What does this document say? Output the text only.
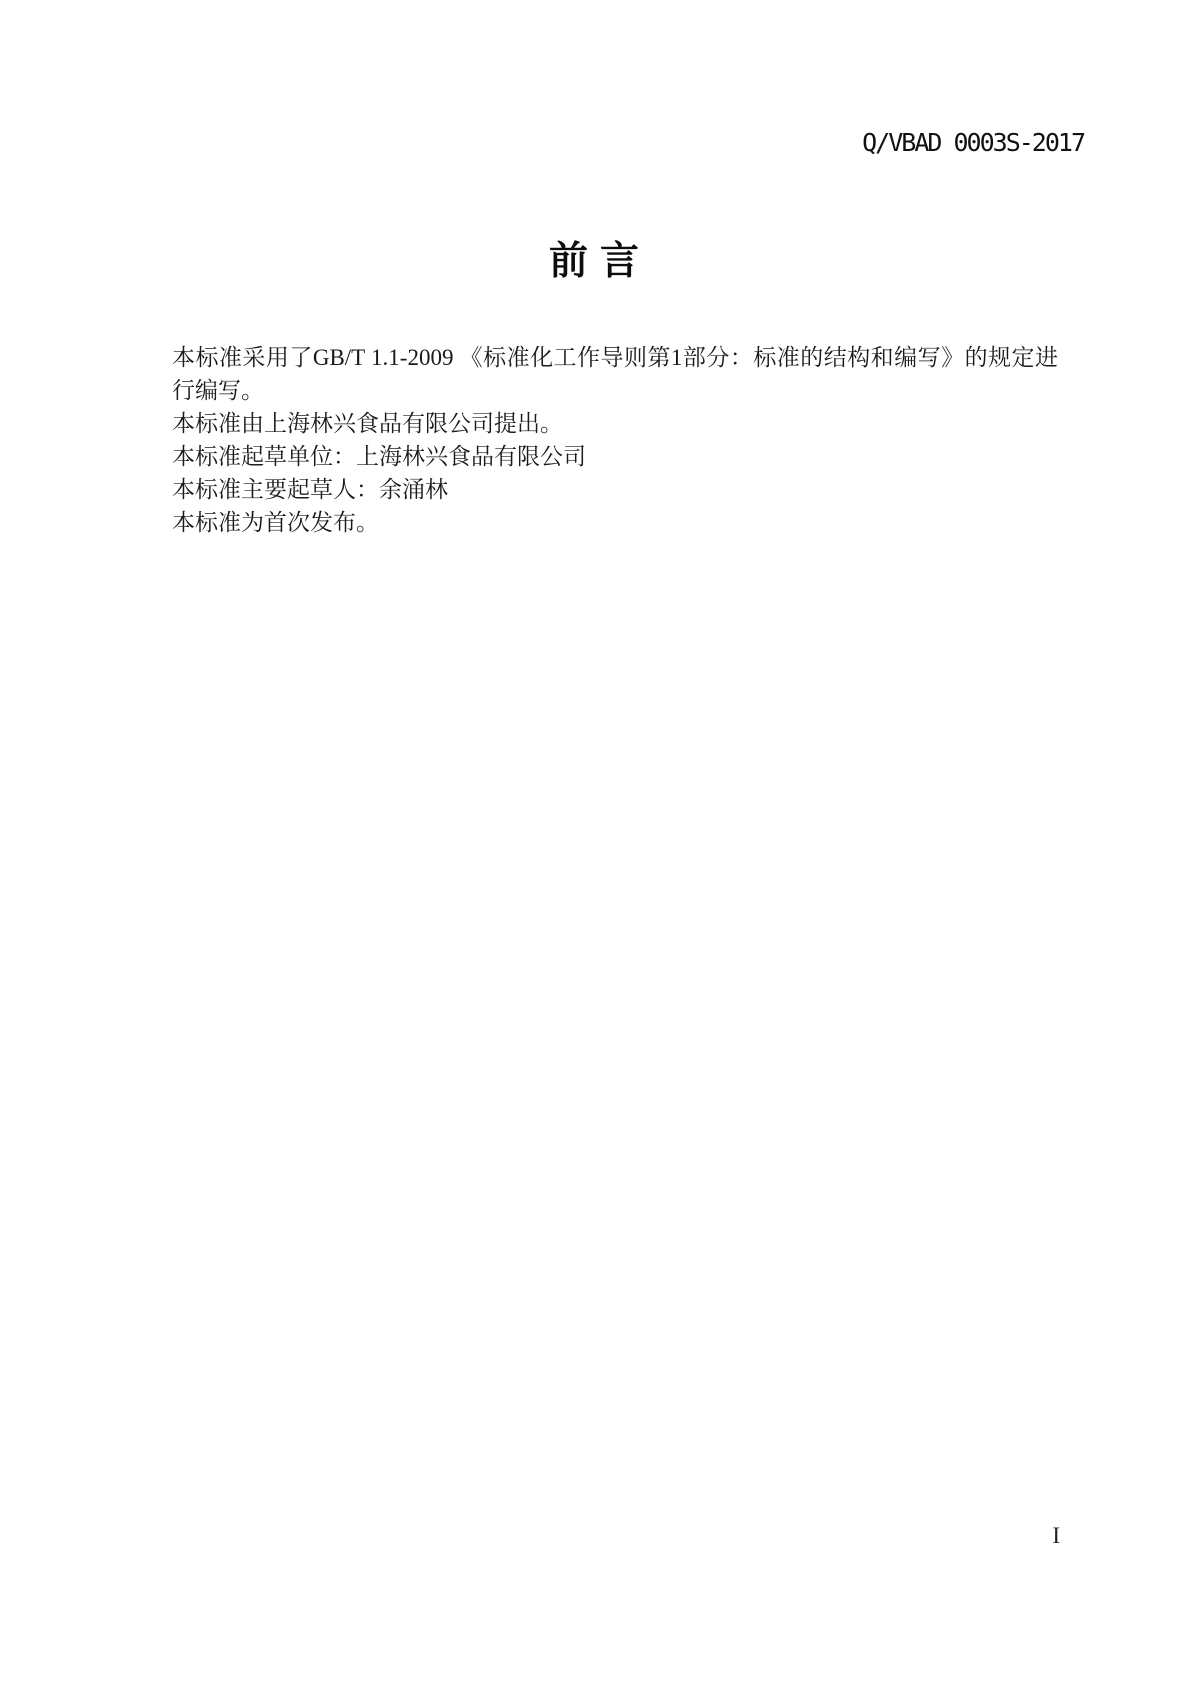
Q/VBAD 0003S-2017
前言

本标准采用了GB/T 1.1-2009 《标准化工作导则第1部分：标准的结构和编写》的规定进行编写。

本标准由上海林兴食品有限公司提出。

本标准起草单位：上海林兴食品有限公司

本标准主要起草人：余涌林

本标准为首次发布。

I
